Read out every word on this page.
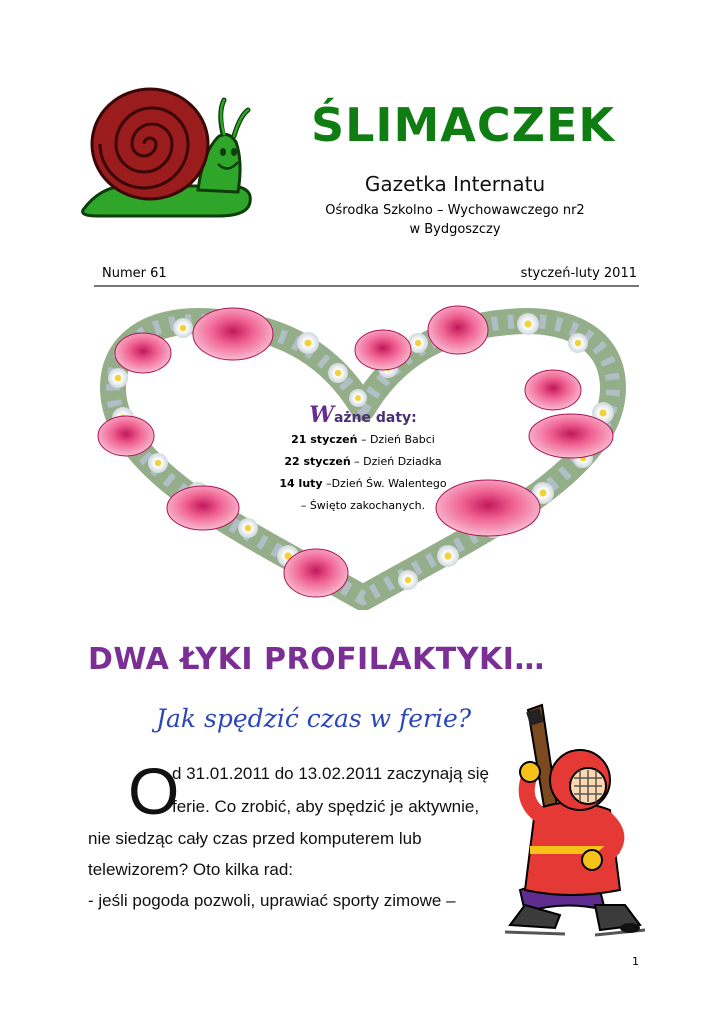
ŚLIMACZEK
Gazetka Internatu
Ośrodka Szkolno – Wychowawczego nr2
w Bydgoszczy
Numer 61	styczeń-luty 2011
Ważne daty:
21 styczeń – Dzień Babci
22 styczeń – Dzień Dziadka
14 luty –Dzień Św. Walentego
– Święto zakochanych.
DWA ŁYKI PROFILAKTYKI…
Jak spędzić czas w ferie?
O
d 31.01.2011 do 13.02.2011 zaczynają się
ferie. Co zrobić, aby spędzić je aktywnie,
nie siedząc cały czas przed komputerem lub
telewizorem? Oto kilka rad:
- jeśli pogoda pozwoli, uprawiać sporty zimowe –
1
